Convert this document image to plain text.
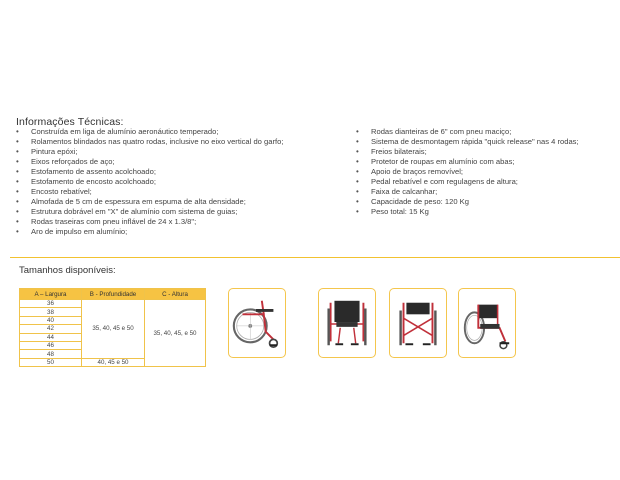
Informações Técnicas:
• Construída em liga de alumínio aeronáutico temperado;
• Rolamentos blindados nas quatro rodas, inclusive no eixo vertical do garfo;
• Pintura epóxi;
• Eixos reforçados de aço;
• Estofamento de assento acolchoado;
• Estofamento de encosto acolchoado;
• Encosto rebatível;
• Almofada de 5 cm de espessura em espuma de alta densidade;
• Estrutura dobrável em "X" de alumínio com sistema de guias;
• Rodas traseiras com pneu inflável de 24 x 1.3/8";
• Aro de impulso em alumínio;
• Rodas dianteiras de 6" com pneu maciço;
• Sistema de desmontagem rápida "quick release" nas 4 rodas;
• Freios bilaterais;
• Protetor de roupas em alumínio com abas;
• Apoio de braços removível;
• Pedal rebatível e com regulagens de altura;
• Faixa de calcanhar;
• Capacidade de peso: 120 Kg
• Peso total: 15 Kg
Tamanhos disponíveis:
A – Largura	B - Profundidade	C - Altura
36	35, 40, 45 e 50	35, 40, 45, e 50
38		
40		
42		
44		
46		
48		
50	40, 45 e 50	
